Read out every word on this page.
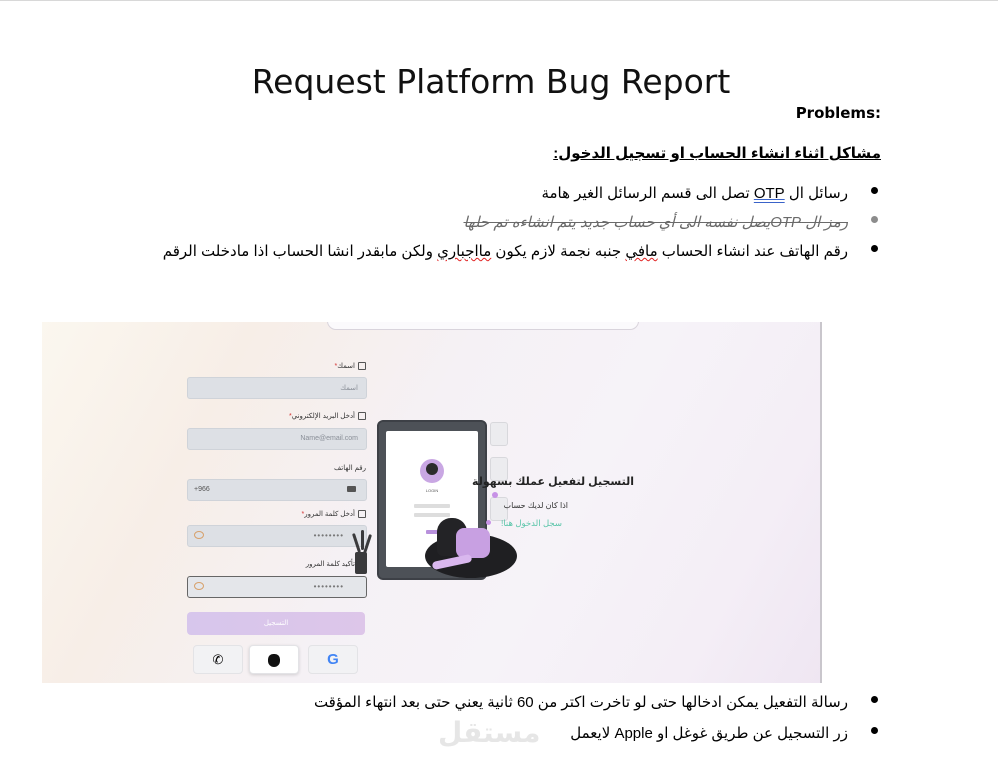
Request Platform Bug Report
Problems:
مشاكل اثناء انشاء الحساب او تسجيل الدخول:
رسائل ال OTP تصل الى قسم الرسائل الغير هامة
رمز ال OTPيصل نفسه الى أي حساب جديد يتم انشاءه تم حلها
رقم الهاتف عند انشاء الحساب مافي جنبه نجمة لازم يكون مااجباري ولكن مابقدر انشا الحساب اذا مادخلت الرقم
اسمك*
اسمك
أدخل البريد الإلكتروني*
Name@email.com
رقم الهاتف
+966
أدخل كلمة المرور*
••••••••
تأكيد كلمة المرور
••••••••
التسجيل
✆	G
LOGIN
التسجيل لتفعيل عملك بسهولة
اذا كان لديك حساب
سجل الدخول هنا!
رسالة التفعيل يمكن ادخالها حتى لو تاخرت اكتر من 60 ثانية يعني حتى بعد انتهاء المؤقت
زر التسجيل عن طريق غوغل او Apple لايعمل
مستقل
